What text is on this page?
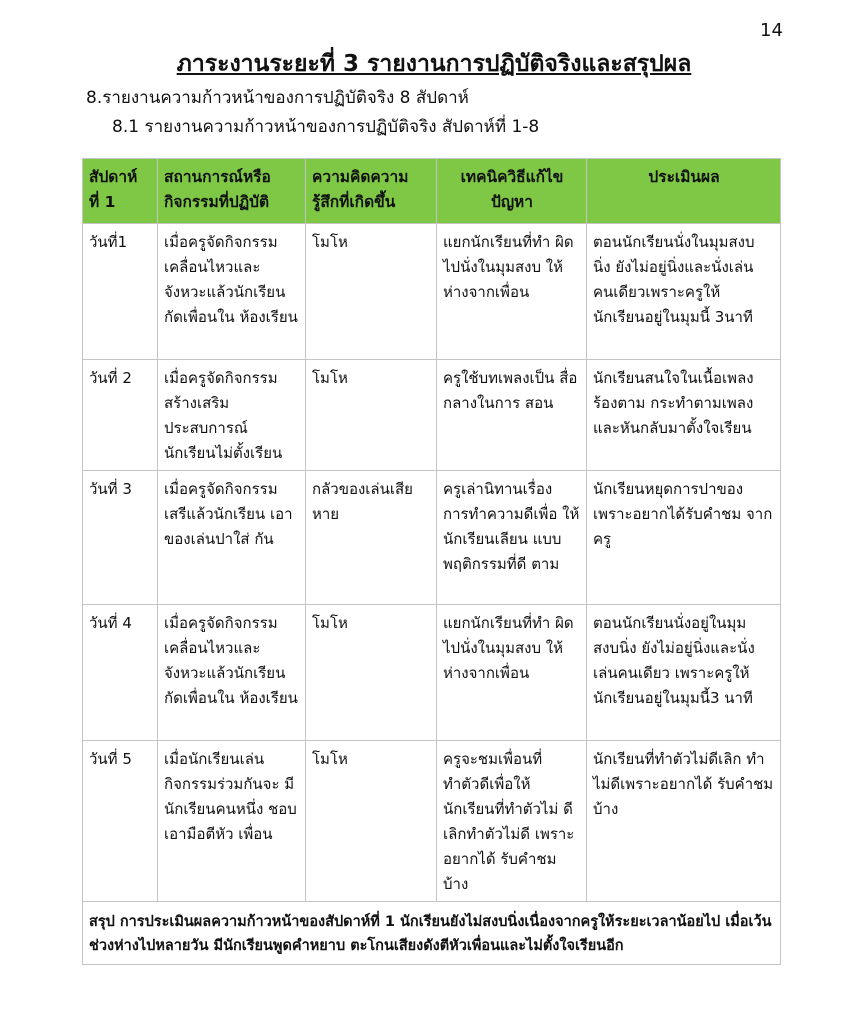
14
ภาระงานระยะที่ 3 รายงานการปฏิบัติจริงและสรุปผล
8.รายงานความก้าวหน้าของการปฏิบัติจริง 8 สัปดาห์
8.1 รายงานความก้าวหน้าของการปฏิบัติจริง สัปดาห์ที่ 1-8
สัปดาห์ ที่ 1	สถานการณ์หรือ กิจกรรมที่ปฏิบัติ	ความคิดความ รู้สึกที่เกิดขึ้น	เทคนิควิธีแก้ไข ปัญหา	ประเมินผล
วันที่1	เมื่อครูจัดกิจกรรม เคลื่อนไหวและ จังหวะแล้วนักเรียน กัดเพื่อนใน ห้องเรียน	โมโห	แยกนักเรียนที่ทำ ผิดไปนั่งในมุมสงบ ให้ห่างจากเพื่อน	ตอนนักเรียนนั่งในมุมสงบ นิ่ง ยังไม่อยู่นิ่งและนั่งเล่น คนเดียวเพราะครูให้ นักเรียนอยู่ในมุมนี้ 3นาที
วันที่ 2	เมื่อครูจัดกิจกรรม สร้างเสริม ประสบการณ์ นักเรียนไม่ตั้งเรียน	โมโห	ครูใช้บทเพลงเป็น สื่อกลางในการ สอน	นักเรียนสนใจในเนื้อเพลง ร้องตาม กระทำตามเพลง และหันกลับมาตั้งใจเรียน
วันที่ 3	เมื่อครูจัดกิจกรรม เสรีแล้วนักเรียน เอาของเล่นปาใส่ กัน	กลัวของเล่นเสีย หาย	ครูเล่านิทานเรื่อง การทำความดีเพื่อ ให้นักเรียนเลียน แบบพฤติกรรมที่ดี ตาม	นักเรียนหยุดการปาของ เพราะอยากได้รับคำชม จากครู
วันที่ 4	เมื่อครูจัดกิจกรรม เคลื่อนไหวและ จังหวะแล้วนักเรียน กัดเพื่อนใน ห้องเรียน	โมโห	แยกนักเรียนที่ทำ ผิดไปนั่งในมุมสงบ ให้ห่างจากเพื่อน	ตอนนักเรียนนั่งอยู่ในมุม สงบนิ่ง ยังไม่อยู่นิ่งและนั่ง เล่นคนเดียว เพราะครูให้ นักเรียนอยู่ในมุมนี้3 นาที
วันที่ 5	เมื่อนักเรียนเล่น กิจกรรมร่วมกันจะ มีนักเรียนคนหนึ่ง ชอบเอามือตีหัว เพื่อน	โมโห	ครูจะชมเพื่อนที่ ทำตัวดีเพื่อให้ นักเรียนที่ทำตัวไม่ ดีเลิกทำตัวไม่ดี เพราะอยากได้ รับคำชมบ้าง	นักเรียนที่ทำตัวไม่ดีเลิก ทำไม่ดีเพราะอยากได้ รับคำชมบ้าง
สรุป การประเมินผลความก้าวหน้าของสัปดาห์ที่ 1 นักเรียนยังไม่สงบนิ่งเนื่องจากครูให้ระยะเวลาน้อยไป เมื่อเว้นช่วงห่างไปหลายวัน มีนักเรียนพูดคำหยาบ ตะโกนเสียงดังตีหัวเพื่อนและไม่ตั้งใจเรียนอีก				
